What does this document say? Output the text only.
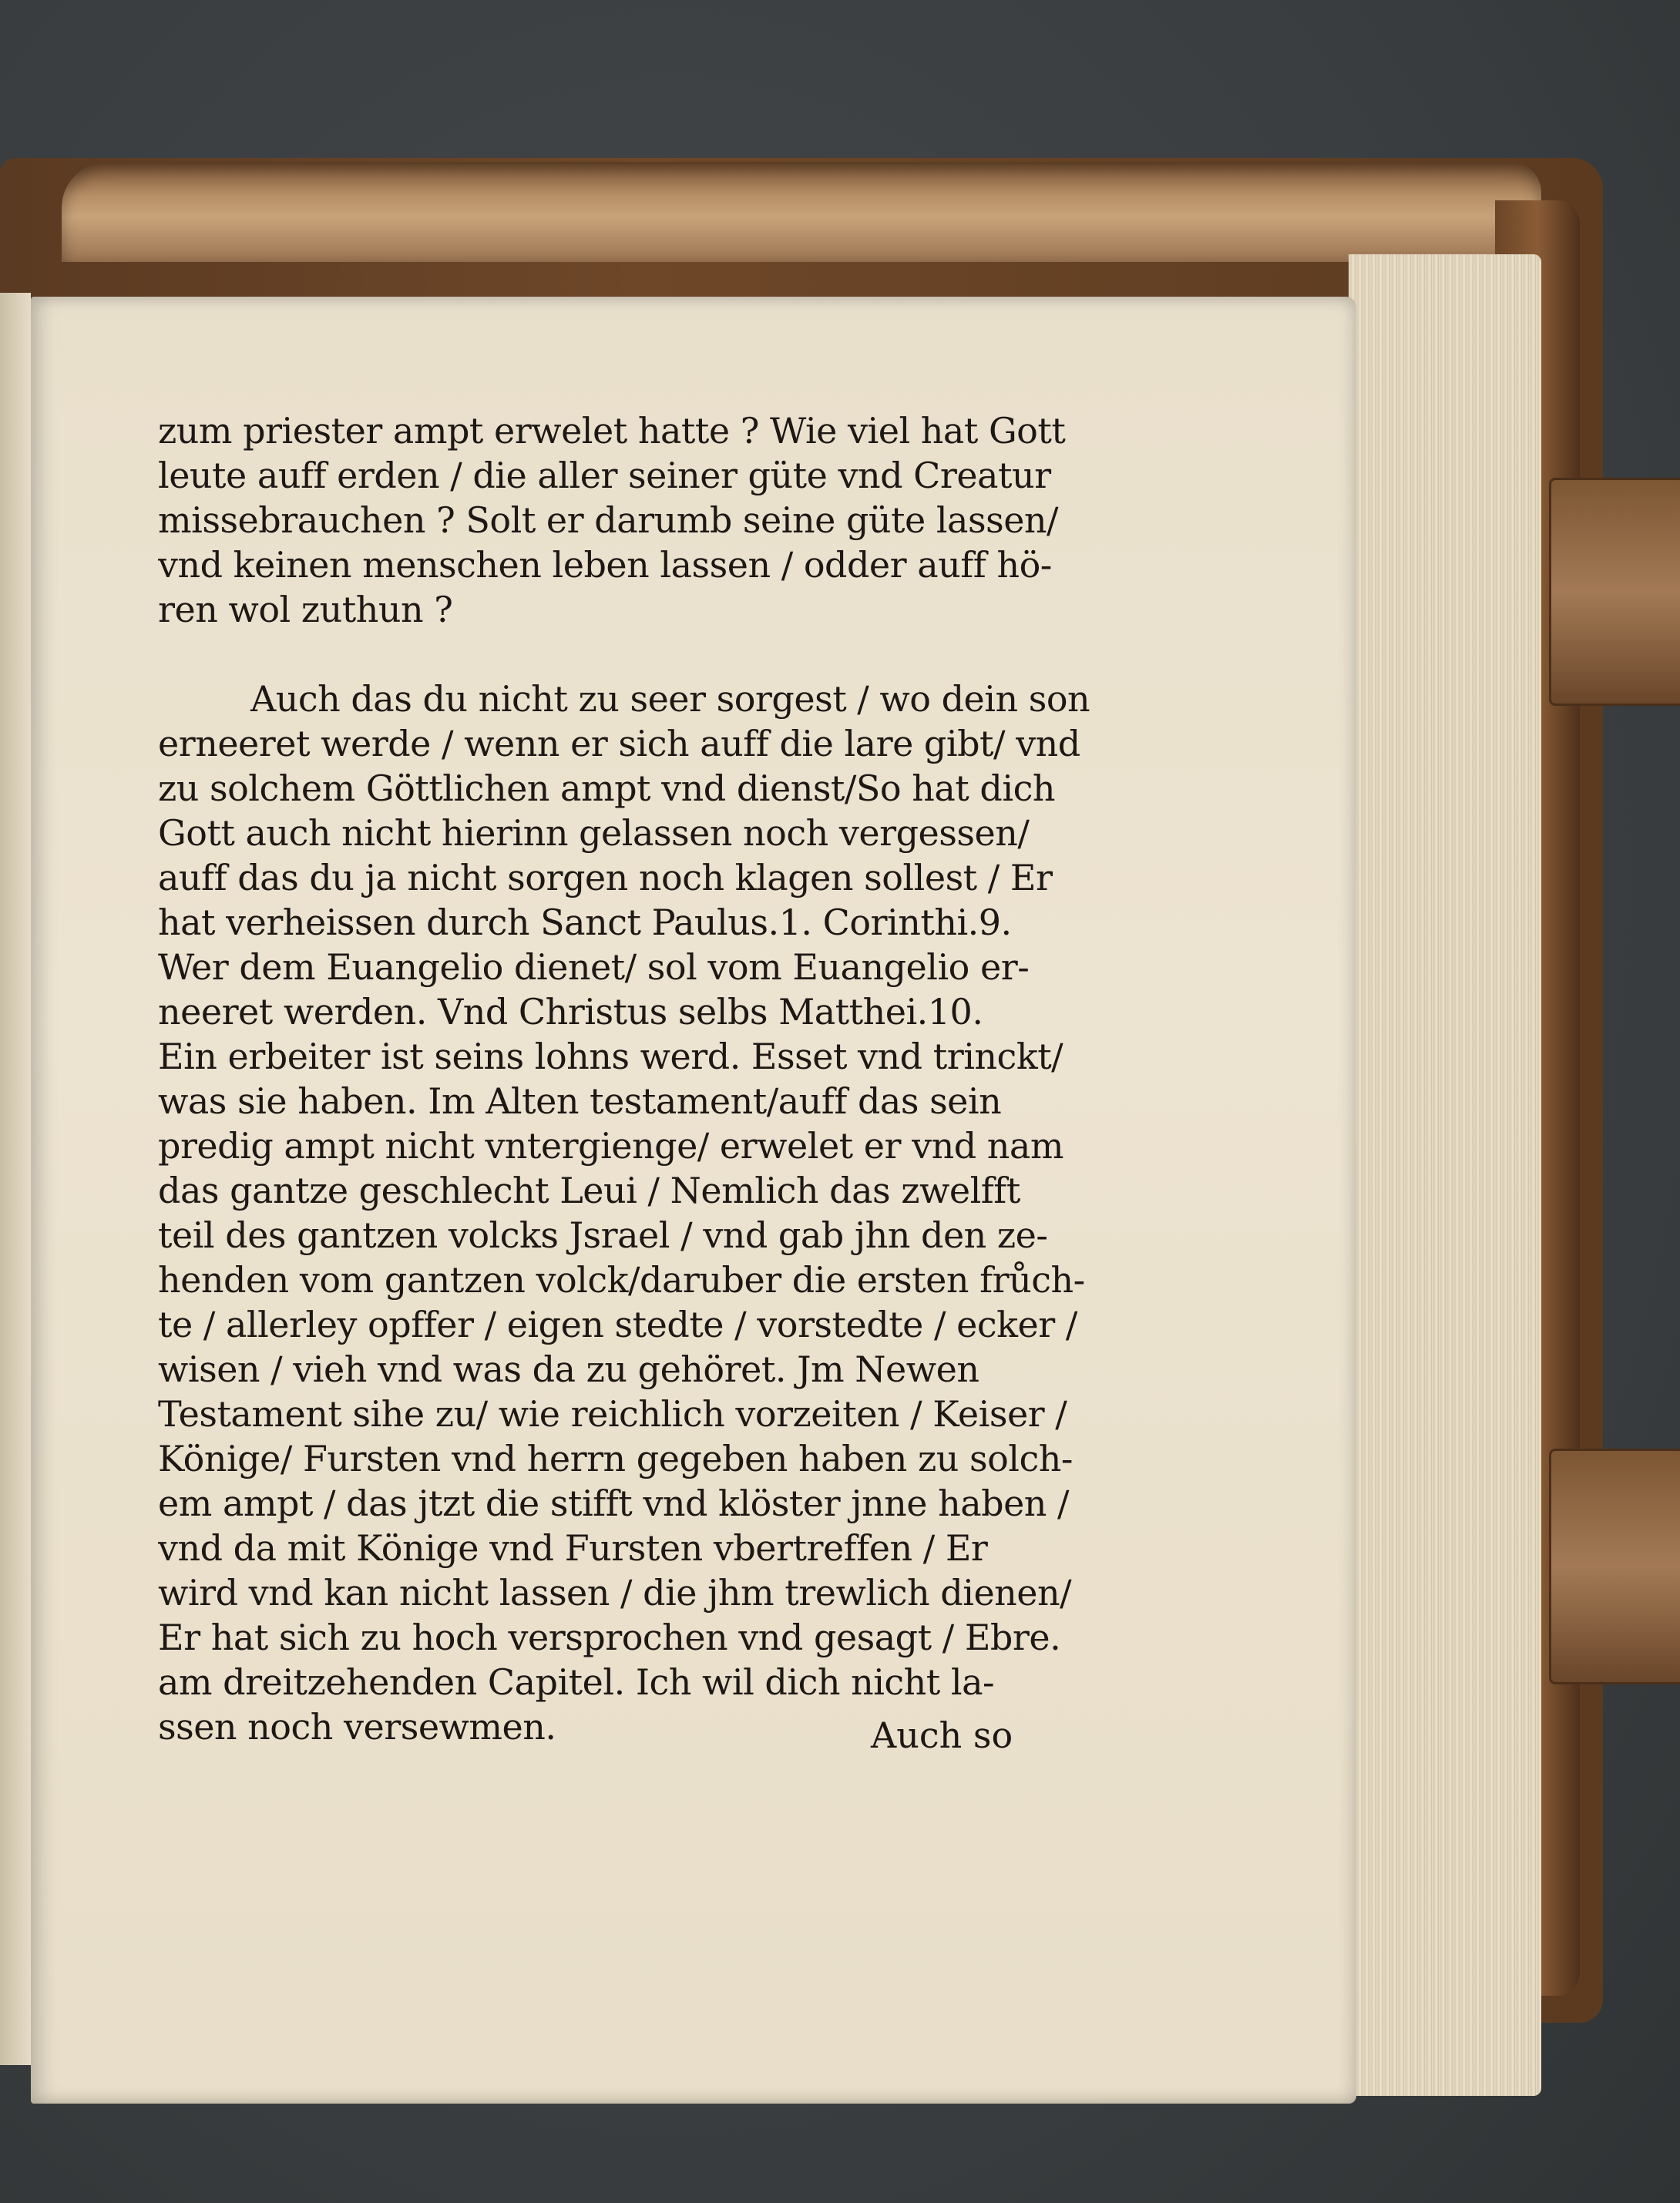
zum priester ampt erwelet hatte ? Wie viel hat Gott
leute auff erden / die aller seiner güte vnd Creatur
missebrauchen ? Solt er darumb seine güte lassen/
vnd keinen menschen leben lassen / odder auff hö-
ren wol zuthun ?
Auch das du nicht zu seer sorgest / wo dein son
erneeret werde / wenn er sich auff die lare gibt/ vnd
zu solchem Göttlichen ampt vnd dienst/So hat dich
Gott auch nicht hierinn gelassen noch vergessen/
auff das du ja nicht sorgen noch klagen sollest / Er
hat verheissen durch Sanct Paulus.1. Corinthi.9.
Wer dem Euangelio dienet/ sol vom Euangelio er-
neeret werden. Vnd Christus selbs Matthei.10.
Ein erbeiter ist seins lohns werd. Esset vnd trinckt/
was sie haben. Im Alten testament/auff das sein
predig ampt nicht vntergienge/ erwelet er vnd nam
das gantze geschlecht Leui / Nemlich das zwelfft
teil des gantzen volcks Jsrael / vnd gab jhn den ze-
henden vom gantzen volck/daruber die ersten frůch-
te / allerley opffer / eigen stedte / vorstedte / ecker /
wisen / vieh vnd was da zu gehöret. Jm Newen
Testament sihe zu/ wie reichlich vorzeiten / Keiser /
Könige/ Fursten vnd herrn gegeben haben zu solch-
em ampt / das jtzt die stifft vnd klöster jnne haben /
vnd da mit Könige vnd Fursten vbertreffen / Er
wird vnd kan nicht lassen / die jhm trewlich dienen/
Er hat sich zu hoch versprochen vnd gesagt / Ebre.
am dreitzehenden Capitel. Ich wil dich nicht la-
ssen noch versewmen.	Auch so
